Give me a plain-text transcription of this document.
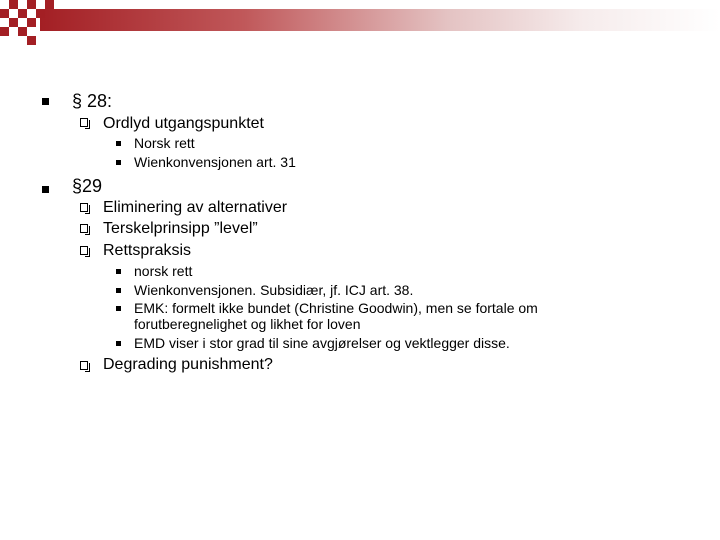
§ 28:
Ordlyd utgangspunktet
Norsk rett
Wienkonvensjonen art. 31
§29
Eliminering av alternativer
Terskelprinsipp ”level”
Rettspraksis
norsk rett
Wienkonvensjonen. Subsidiær, jf. ICJ art. 38.
EMK: formelt ikke bundet (Christine Goodwin), men se fortale om
forutberegnelighet og likhet for loven
EMD viser i stor grad til sine avgjørelser og vektlegger disse.
Degrading punishment?
